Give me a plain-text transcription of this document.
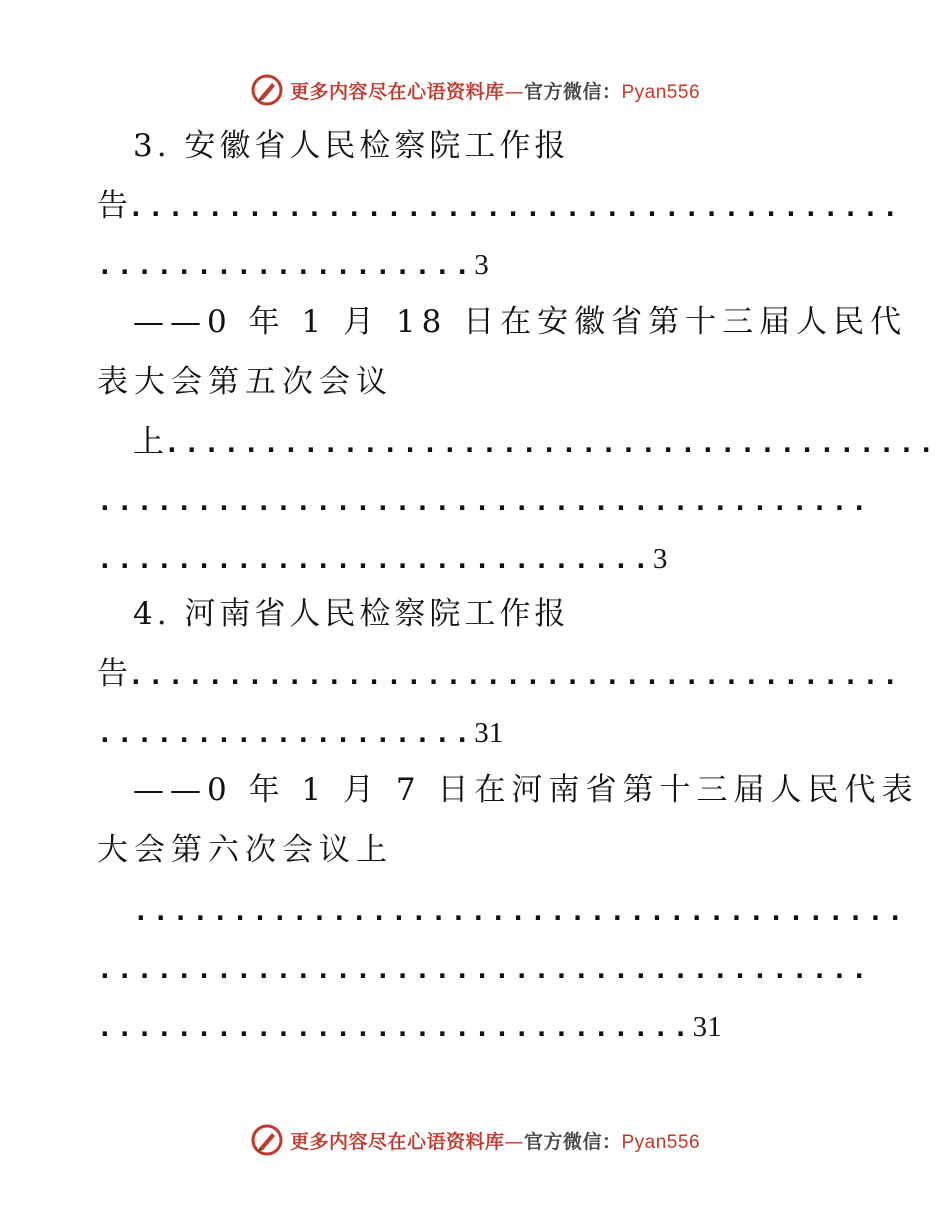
更多内容尽在心语资料库—官方微信：Pyan556
3. 安徽省人民检察院工作报
告.......................................
...................3
——0 年 1 月 18 日在安徽省第十三届人民代
表大会第五次会议
上.......................................
.......................................
............................3
4. 河南省人民检察院工作报
告.......................................
...................31
——0 年 1 月 7 日在河南省第十三届人民代表
大会第六次会议上
.......................................
.......................................
..............................31
更多内容尽在心语资料库—官方微信：Pyan556
